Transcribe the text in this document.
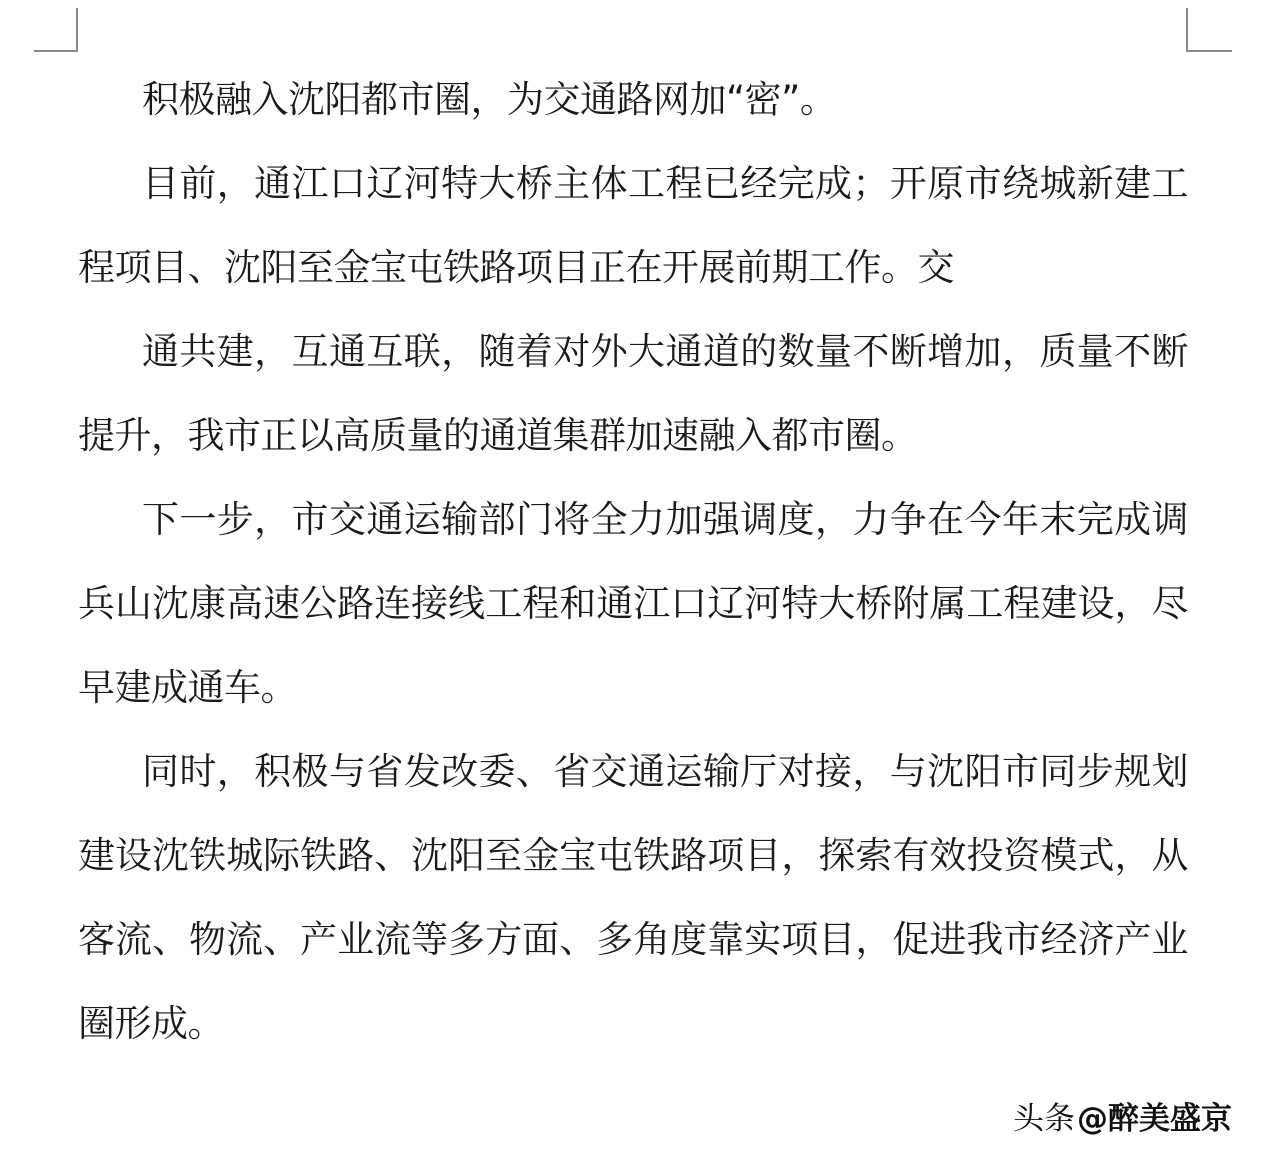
积极融入沈阳都市圈，为交通路网加“密”。

目前，通江口辽河特大桥主体工程已经完成；开原市绕城新建工程项目、沈阳至金宝屯铁路项目正在开展前期工作。交

通共建，互通互联，随着对外大通道的数量不断增加，质量不断提升，我市正以高质量的通道集群加速融入都市圈。

下一步，市交通运输部门将全力加强调度，力争在今年末完成调兵山沈康高速公路连接线工程和通江口辽河特大桥附属工程建设，尽早建成通车。

同时，积极与省发改委、省交通运输厅对接，与沈阳市同步规划建设沈铁城际铁路、沈阳至金宝屯铁路项目，探索有效投资模式，从客流、物流、产业流等多方面、多角度靠实项目，促进我市经济产业圈形成。

头条 @醉美盛京
